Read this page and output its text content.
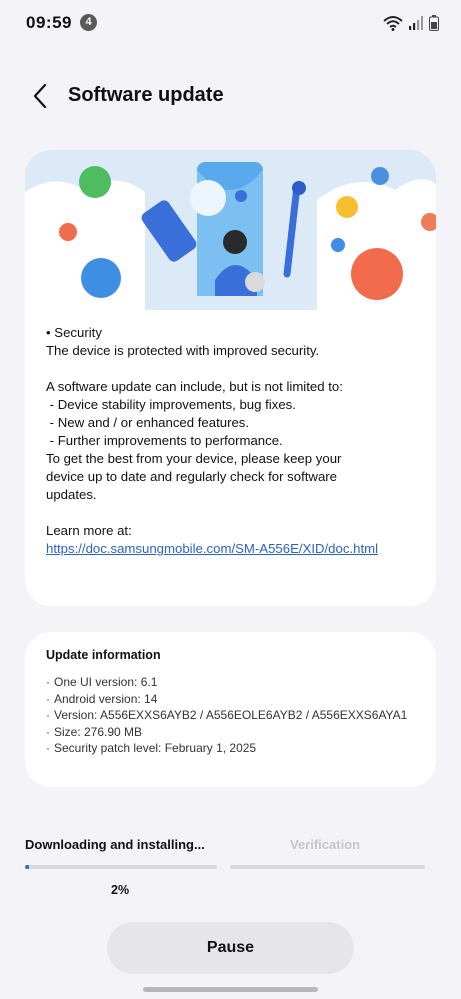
09:59	4
Software update
• Security
The device is protected with improved security.
A software update can include, but is not limited to:
- Device stability improvements, bug fixes.
- New and / or enhanced features.
- Further improvements to performance.
To get the best from your device, please keep your
device up to date and regularly check for software
updates.
Learn more at:
https://doc.samsungmobile.com/SM-A556E/XID/doc.html
Update information
· One UI version: 6.1
· Android version: 14
· Version: A556EXXS6AYB2 / A556EOLE6AYB2 / A556EXXS6AYA1
· Size: 276.90 MB
· Security patch level: February 1, 2025
Downloading and installing...	Verification
2%
Pause
